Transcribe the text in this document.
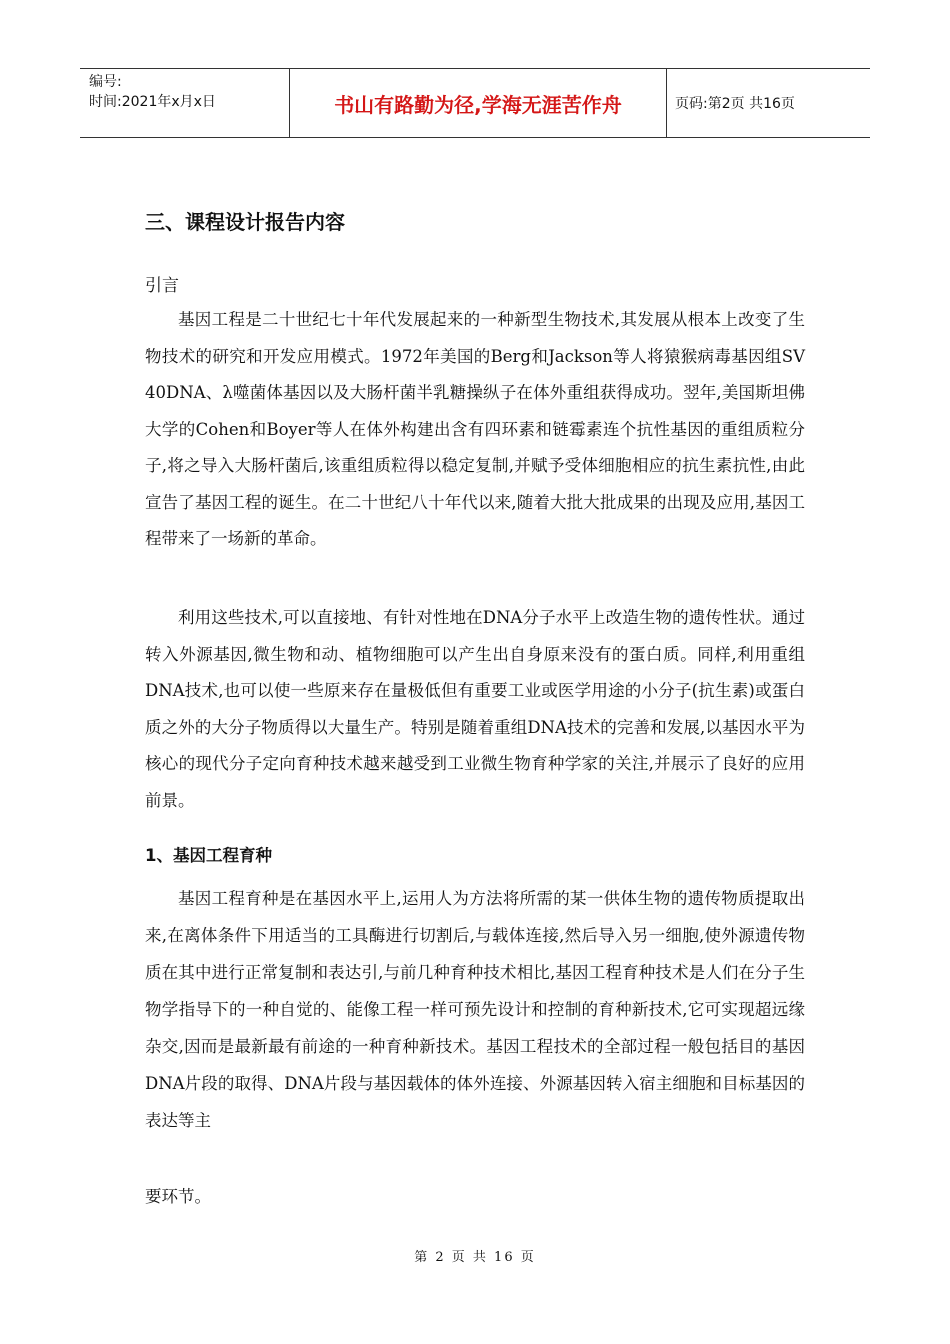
编号:
时间:2021年x月x日	书山有路勤为径,学海无涯苦作舟	页码:第2页 共16页
三、课程设计报告内容
引言

基因工程是二十世纪七十年代发展起来的一种新型生物技术,其发展从根本上改变了生物技术的研究和开发应用模式。1972年美国的Berg和Jackson等人将猿猴病毒基因组SV 40DNA、λ噬菌体基因以及大肠杆菌半乳糖操纵子在体外重组获得成功。翌年,美国斯坦佛大学的Cohen和Boyer等人在体外构建出含有四环素和链霉素连个抗性基因的重组质粒分子,将之导入大肠杆菌后,该重组质粒得以稳定复制,并赋予受体细胞相应的抗生素抗性,由此宣告了基因工程的诞生。在二十世纪八十年代以来,随着大批大批成果的出现及应用,基因工程带来了一场新的革命。

利用这些技术,可以直接地、有针对性地在DNA分子水平上改造生物的遗传性状。通过转入外源基因,微生物和动、植物细胞可以产生出自身原来没有的蛋白质。同样,利用重组DNA技术,也可以使一些原来存在量极低但有重要工业或医学用途的小分子(抗生素)或蛋白质之外的大分子物质得以大量生产。特别是随着重组DNA技术的完善和发展,以基因水平为核心的现代分子定向育种技术越来越受到工业微生物育种学家的关注,并展示了良好的应用前景。

1、基因工程育种

基因工程育种是在基因水平上,运用人为方法将所需的某一供体生物的遗传物质提取出来,在离体条件下用适当的工具酶进行切割后,与载体连接,然后导入另一细胞,使外源遗传物质在其中进行正常复制和表达引,与前几种育种技术相比,基因工程育种技术是人们在分子生物学指导下的一种自觉的、能像工程一样可预先设计和控制的育种新技术,它可实现超远缘杂交,因而是最新最有前途的一种育种新技术。基因工程技术的全部过程一般包括目的基因DNA片段的取得、DNA片段与基因载体的体外连接、外源基因转入宿主细胞和目标基因的表达等主

要环节。
第 2 页 共 16 页
